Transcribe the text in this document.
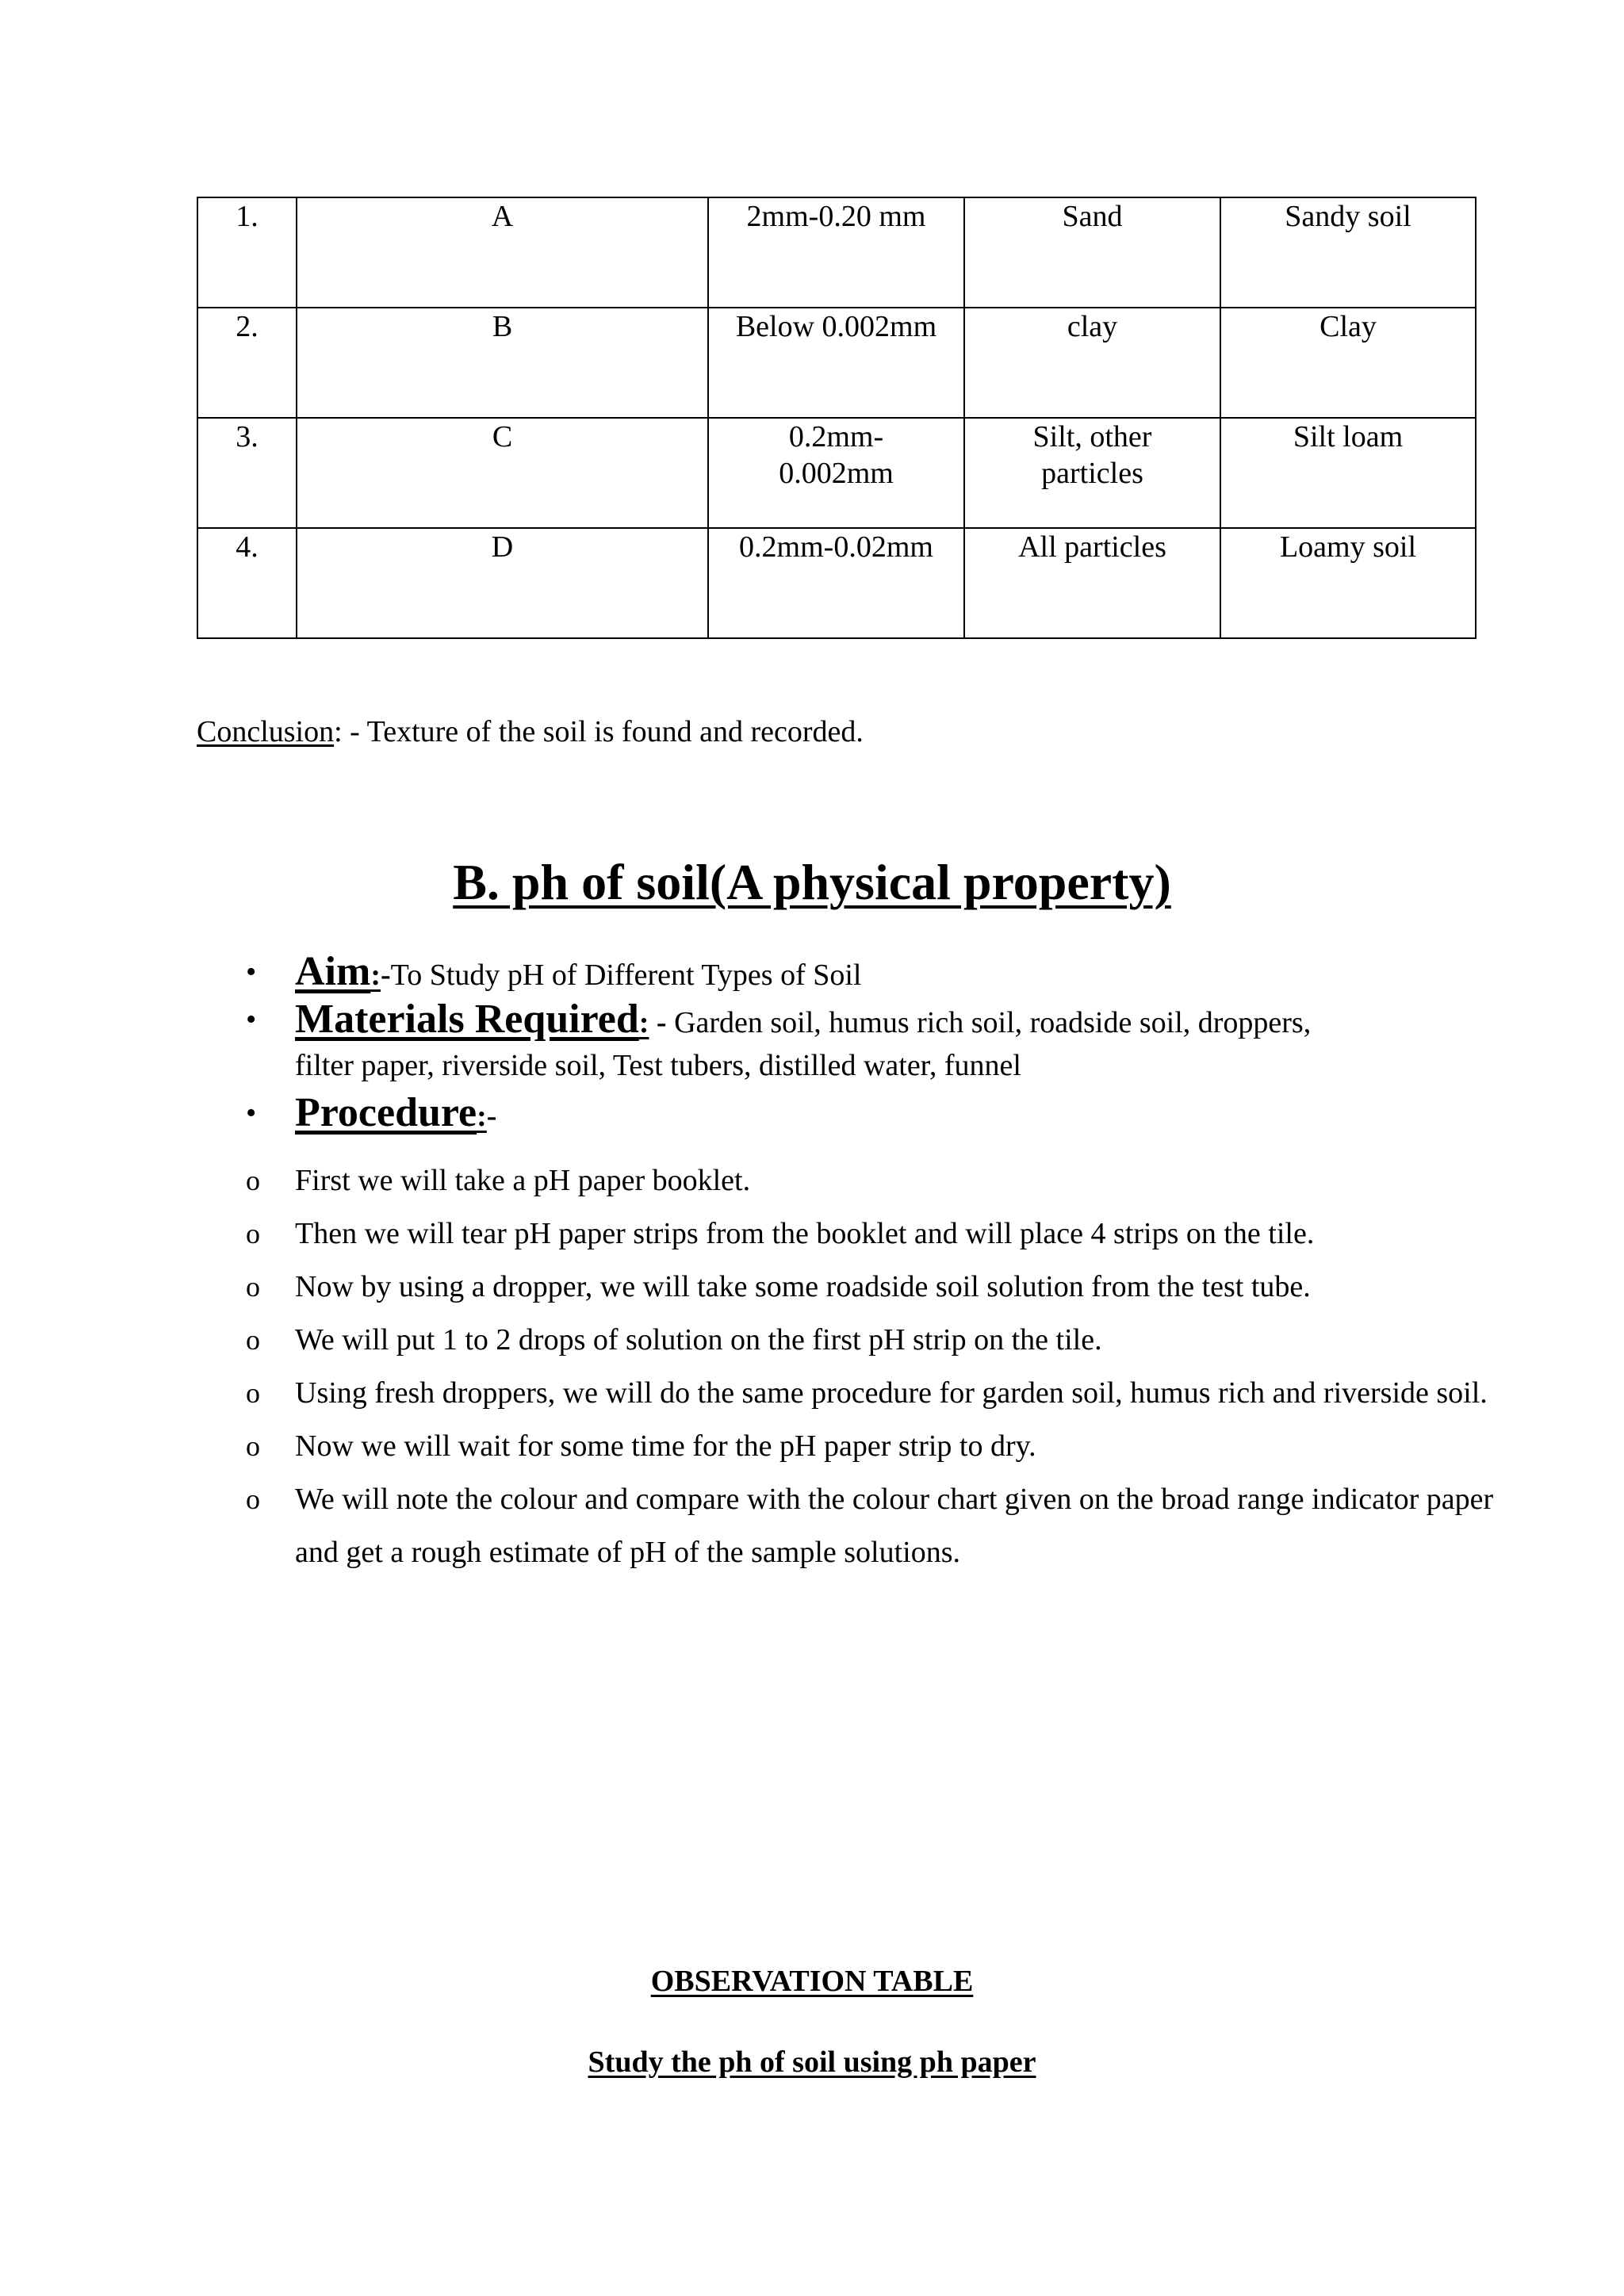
1.	A	2mm-0.20 mm	Sand	Sandy soil

2.	B	Below 0.002mm	clay	Clay

3.	C	0.2mm-0.002mm	Silt, other particles	Silt loam

4.	D	0.2mm-0.02mm	All particles	Loamy soil
Conclusion: - Texture of the soil is found and recorded.
B. ph of soil(A physical property)
• Aim:-To Study pH of Different Types of Soil
• Materials Required: - Garden soil, humus rich soil, roadside soil, droppers,
filter paper, riverside soil, Test tubers, distilled water, funnel
• Procedure:-
o First we will take a pH paper booklet.
o Then we will tear pH paper strips from the booklet and will place 4 strips on the tile.
o Now by using a dropper, we will take some roadside soil solution from the test tube.
o We will put 1 to 2 drops of solution on the first pH strip on the tile.
o Using fresh droppers, we will do the same procedure for garden soil, humus rich and riverside soil.
o Now we will wait for some time for the pH paper strip to dry.
o We will note the colour and compare with the colour chart given on the broad range indicator paper and get a rough estimate of pH of the sample solutions.
OBSERVATION TABLE
Study the ph of soil using ph paper
